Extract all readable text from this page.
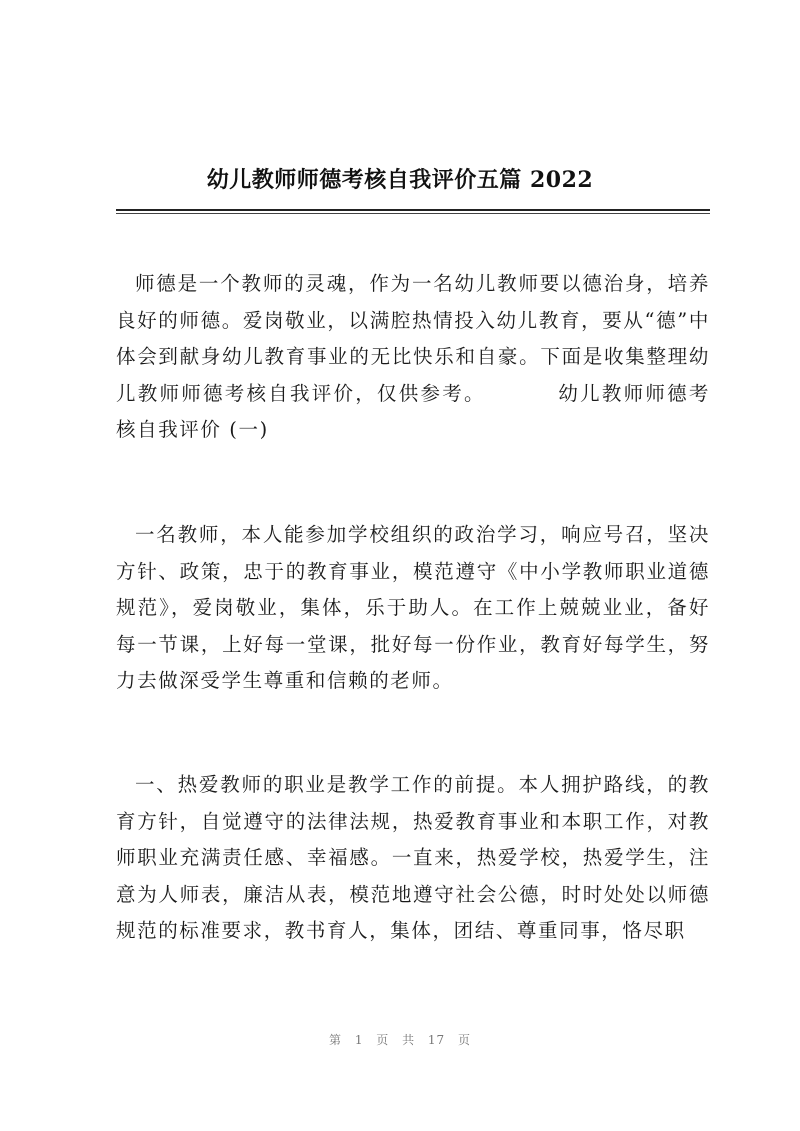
幼儿教师师德考核自我评价五篇 2022
师德是一个教师的灵魂，作为一名幼儿教师要以德治身，培养良好的师德。爱岗敬业，以满腔热情投入幼儿教育，要从“德”中体会到献身幼儿教育事业的无比快乐和自豪。下面是收集整理幼儿教师师德考核自我评价，仅供参考。	幼儿教师师德考核自我评价 (一)
一名教师，本人能参加学校组织的政治学习，响应号召，坚决方针、政策，忠于的教育事业，模范遵守《中小学教师职业道德规范》，爱岗敬业，集体，乐于助人。在工作上兢兢业业，备好每一节课，上好每一堂课，批好每一份作业，教育好每学生，努力去做深受学生尊重和信赖的老师。
一、热爱教师的职业是教学工作的前提。本人拥护路线，的教育方针，自觉遵守的法律法规，热爱教育事业和本职工作，对教师职业充满责任感、幸福感。一直来，热爱学校，热爱学生，注意为人师表，廉洁从表，模范地遵守社会公德，时时处处以师德规范的标准要求，教书育人，集体，团结、尊重同事，恪尽职
第 1 页 共 17 页
